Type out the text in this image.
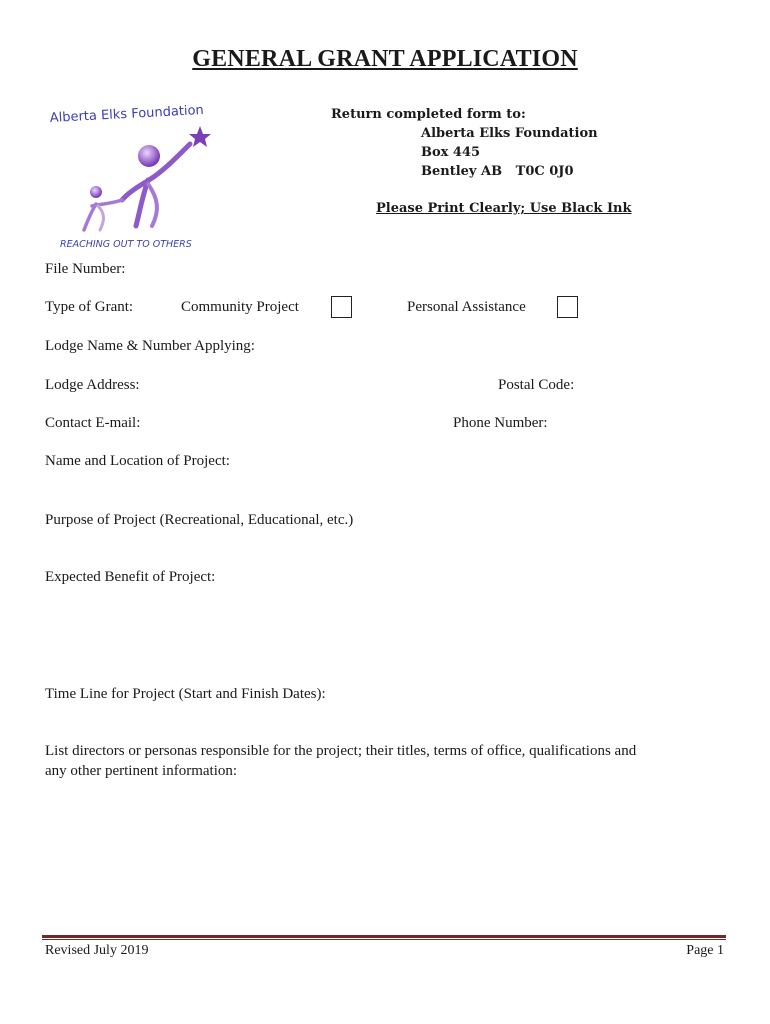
GENERAL GRANT APPLICATION
Alberta Elks Foundation
REACHING OUT TO OTHERS
Return completed form to:
Alberta Elks Foundation
Box 445
Bentley AB   T0C 0J0
Please Print Clearly; Use Black Ink
File Number:
Type of Grant:	Community Project	Personal Assistance
Lodge Name & Number Applying:
Lodge Address:	Postal Code:
Contact E-mail:	Phone Number:
Name and Location of Project:
Purpose of Project (Recreational, Educational, etc.)
Expected Benefit of Project:
Time Line for Project (Start and Finish Dates):
List directors or personas responsible for the project; their titles, terms of office, qualifications and
any other pertinent information:
Revised July 2019	Page 1
